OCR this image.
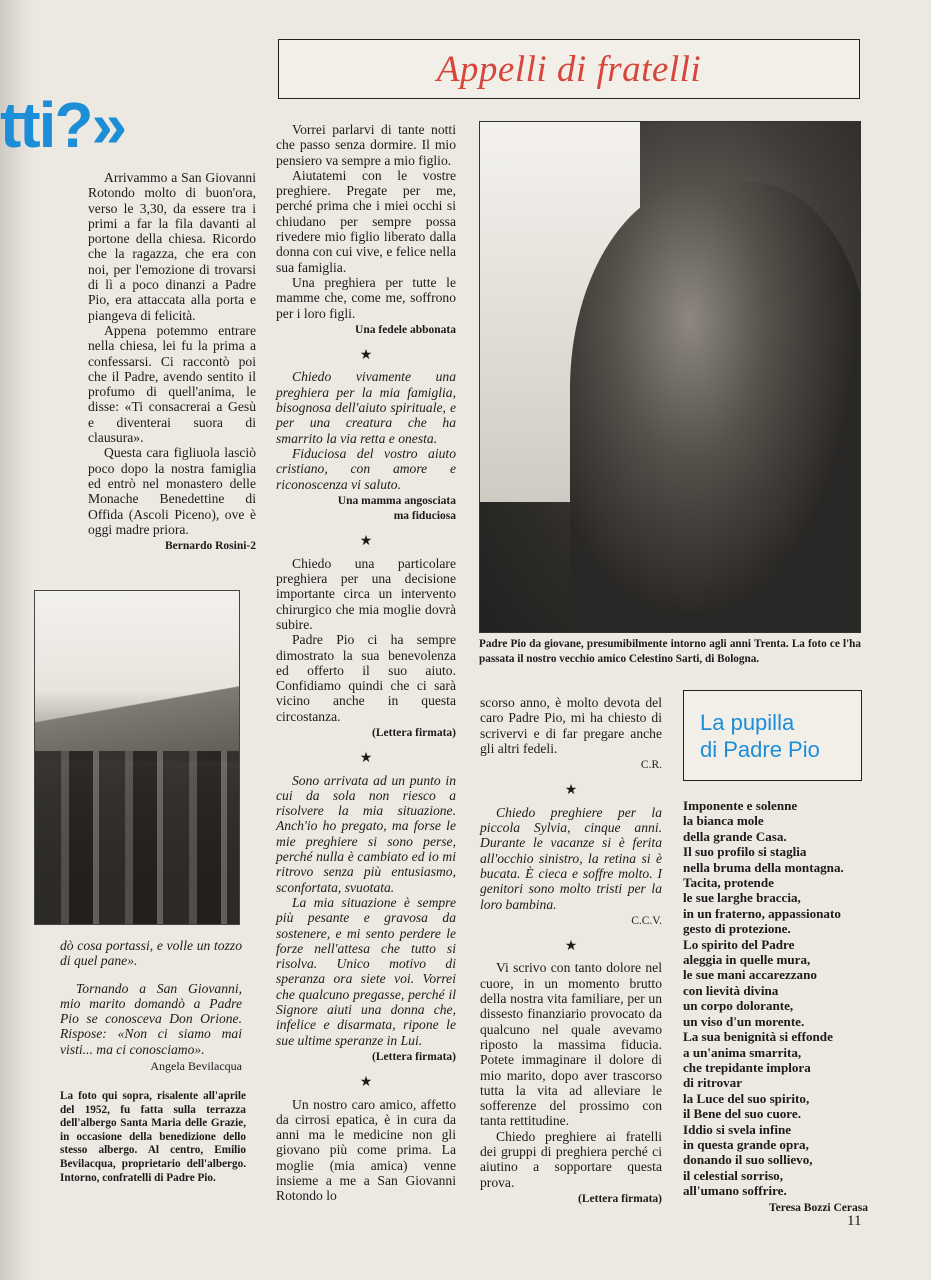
tti?»
Appelli di fratelli

Arrivammo a San Giovanni Rotondo molto di buon'ora, verso le 3,30, da essere tra i primi a far la fila davanti al portone della chiesa. Ricordo che la ragazza, che era con noi, per l'emozione di trovarsi di lì a poco dinanzi a Padre Pio, era attaccata alla porta e piangeva di felicità.

Appena potemmo entrare nella chiesa, lei fu la prima a confessarsi. Ci raccontò poi che il Padre, avendo sentito il profumo di quell'anima, le disse: «Ti consacrerai a Gesù e diventerai suora di clausura».

Questa cara figliuola lasciò poco dopo la nostra famiglia ed entrò nel monastero delle Monache Benedettine di Offida (Ascoli Piceno), ove è oggi madre priora.

Bernardo Rosini-2

dò cosa portassi, e volle un tozzo di quel pane».

Tornando a San Giovanni, mio marito domandò a Padre Pio se conosceva Don Orione. Rispose: «Non ci siamo mai visti... ma ci conosciamo».

Angela Bevilacqua

La foto qui sopra, risalente all'aprile del 1952, fu fatta sulla terrazza dell'albergo Santa Maria delle Grazie, in occasione della benedizione dello stesso albergo. Al centro, Emilio Bevilacqua, proprietario dell'albergo. Intorno, confratelli di Padre Pio.

Vorrei parlarvi di tante notti che passo senza dormire. Il mio pensiero va sempre a mio figlio.

Aiutatemi con le vostre preghiere. Pregate per me, perché prima che i miei occhi si chiudano per sempre possa rivedere mio figlio liberato dalla donna con cui vive, e felice nella sua famiglia.

Una preghiera per tutte le mamme che, come me, soffrono per i loro figli.

Una fedele abbonata
★

Chiedo vivamente una preghiera per la mia famiglia, bisognosa dell'aiuto spirituale, e per una creatura che ha smarrito la via retta e onesta.

Fiduciosa del vostro aiuto cristiano, con amore e riconoscenza vi saluto.

Una mamma angosciata
ma fiduciosa
★

Chiedo una particolare preghiera per una decisione importante circa un intervento chirurgico che mia moglie dovrà subire.

Padre Pio ci ha sempre dimostrato la sua benevolenza ed offerto il suo aiuto. Confidiamo quindi che ci sarà vicino anche in questa circostanza.

(Lettera firmata)
★

Sono arrivata ad un punto in cui da sola non riesco a risolvere la mia situazione. Anch'io ho pregato, ma forse le mie preghiere si sono perse, perché nulla è cambiato ed io mi ritrovo senza più entusiasmo, sconfortata, svuotata.

La mia situazione è sempre più pesante e gravosa da sostenere, e mi sento perdere le forze nell'attesa che tutto si risolva. Unico motivo di speranza ora siete voi. Vorrei che qualcuno pregasse, perché il Signore aiuti una donna che, infelice e disarmata, ripone le sue ultime speranze in Lui.

(Lettera firmata)
★

Un nostro caro amico, affetto da cirrosi epatica, è in cura da anni ma le medicine non gli giovano più come prima. La moglie (mia amica) venne insieme a me a San Giovanni Rotondo lo

Padre Pio da giovane, presumibilmente intorno agli anni Trenta. La foto ce l'ha passata il nostro vecchio amico Celestino Sarti, di Bologna.

scorso anno, è molto devota del caro Padre Pio, mi ha chiesto di scrivervi e di far pregare anche gli altri fedeli.

C.R.
★

Chiedo preghiere per la piccola Sylvia, cinque anni. Durante le vacanze si è ferita all'occhio sinistro, la retina si è bucata. È cieca e soffre molto. I genitori sono molto tristi per la loro bambina.

C.C.V.
★

Vi scrivo con tanto dolore nel cuore, in un momento brutto della nostra vita familiare, per un dissesto finanziario provocato da qualcuno nel quale avevamo riposto la massima fiducia. Potete immaginare il dolore di mio marito, dopo aver trascorso tutta la vita ad alleviare le sofferenze del prossimo con tanta rettitudine.

Chiedo preghiere ai fratelli dei gruppi di preghiera perché ci aiutino a sopportare questa prova.

(Lettera firmata)
La pupilla
di Padre Pio
Imponente e solenne
la bianca mole
della grande Casa.
Il suo profilo si staglia
nella bruma della montagna.
Tacita, protende
le sue larghe braccia,
in un fraterno, appassionato
gesto di protezione.
Lo spirito del Padre
aleggia in quelle mura,
le sue mani accarezzano
con lievità divina
un corpo dolorante,
un viso d'un morente.
La sua benignità si effonde
a un'anima smarrita,
che trepidante implora
di ritrovar
la Luce del suo spirito,
il Bene del suo cuore.
Iddio si svela infine
in questa grande opra,
donando il suo sollievo,
il celestial sorriso,
all'umano soffrire.
Teresa Bozzi Cerasa
11
